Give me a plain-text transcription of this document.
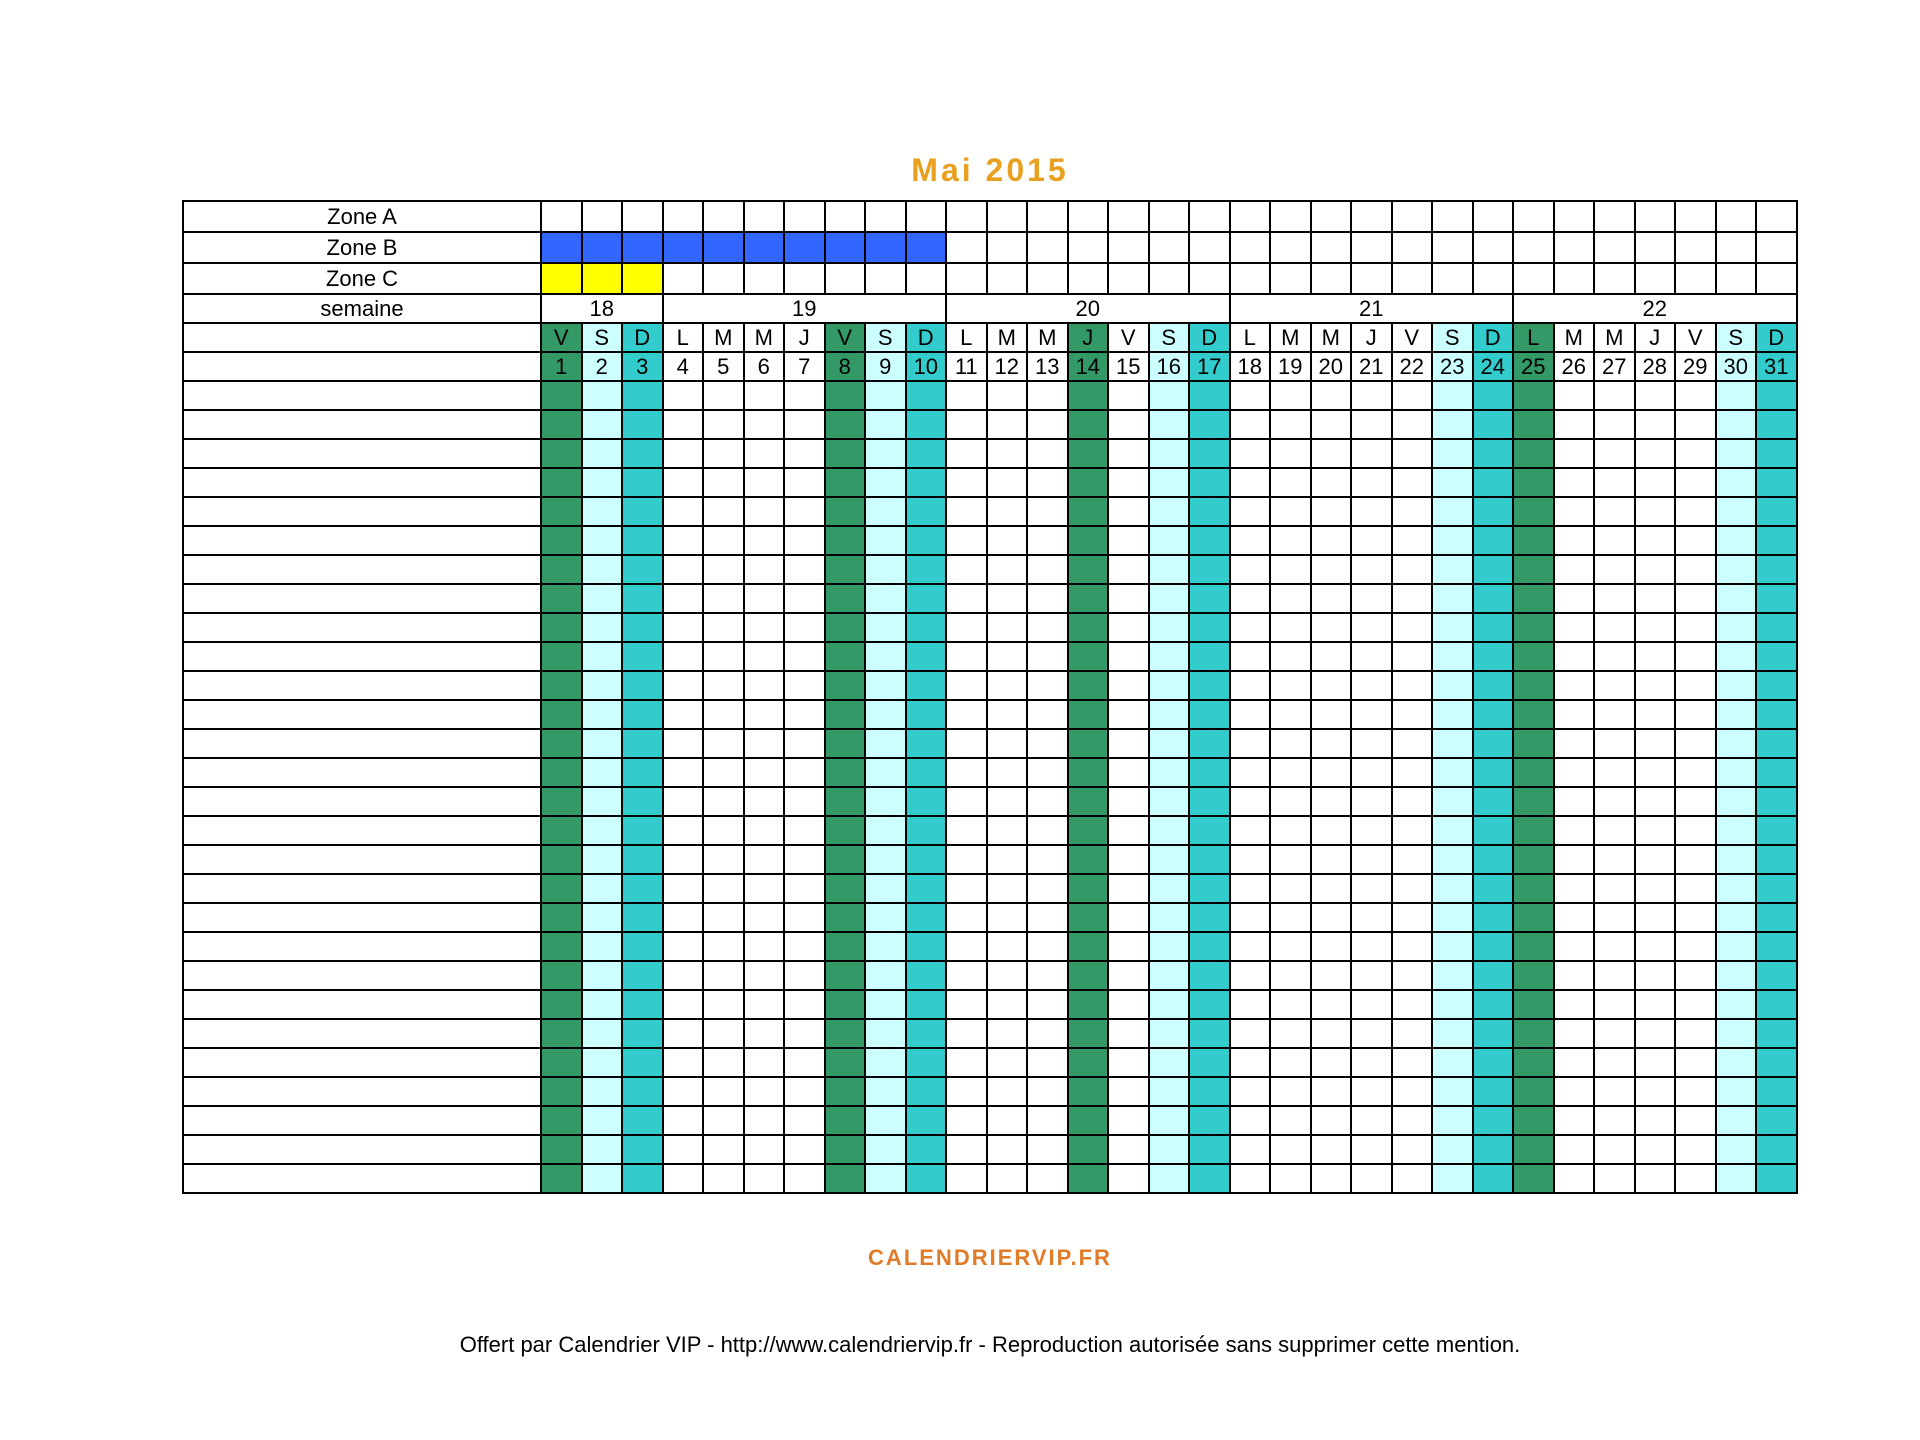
Mai 2015
Zone A																															
Zone B																															
Zone C																															
semaine	18			19							20							21							22						
	V	S	D	L	M	M	J	V	S	D	L	M	M	J	V	S	D	L	M	M	J	V	S	D	L	M	M	J	V	S	D
	1	2	3	4	5	6	7	8	9	10	11	12	13	14	15	16	17	18	19	20	21	22	23	24	25	26	27	28	29	30	31

CALENDRIERVIP.FR
Offert par Calendrier VIP - http://www.calendriervip.fr - Reproduction autorisée sans supprimer cette mention.
